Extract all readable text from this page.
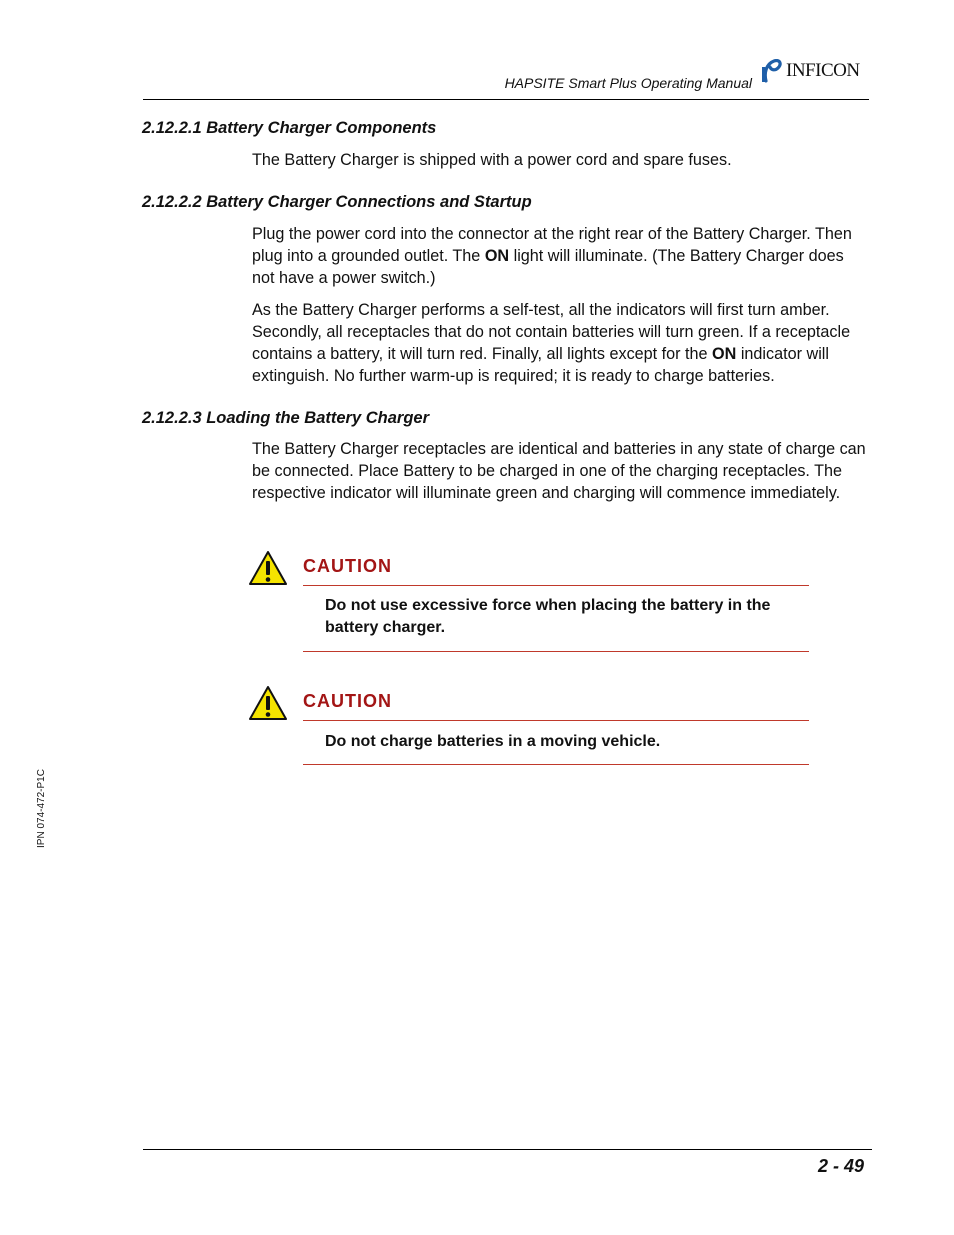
HAPSITE Smart Plus Operating Manual
INFICON
2.12.2.1 Battery Charger Components
The Battery Charger is shipped with a power cord and spare fuses.
2.12.2.2 Battery Charger Connections and Startup
Plug the power cord into the connector at the right rear of the Battery Charger. Then plug into a grounded outlet. The ON light will illuminate. (The Battery Charger does not have a power switch.)
As the Battery Charger performs a self-test, all the indicators will first turn amber. Secondly, all receptacles that do not contain batteries will turn green. If a receptacle contains a battery, it will turn red. Finally, all lights except for the ON indicator will extinguish. No further warm-up is required; it is ready to charge batteries.
2.12.2.3 Loading the Battery Charger
The Battery Charger receptacles are identical and batteries in any state of charge can be connected. Place Battery to be charged in one of the charging receptacles. The respective indicator will illuminate green and charging will commence immediately.
CAUTION
Do not use excessive force when placing the battery in the battery charger.
CAUTION
Do not charge batteries in a moving vehicle.
IPN 074-472-P1C
2 - 49
